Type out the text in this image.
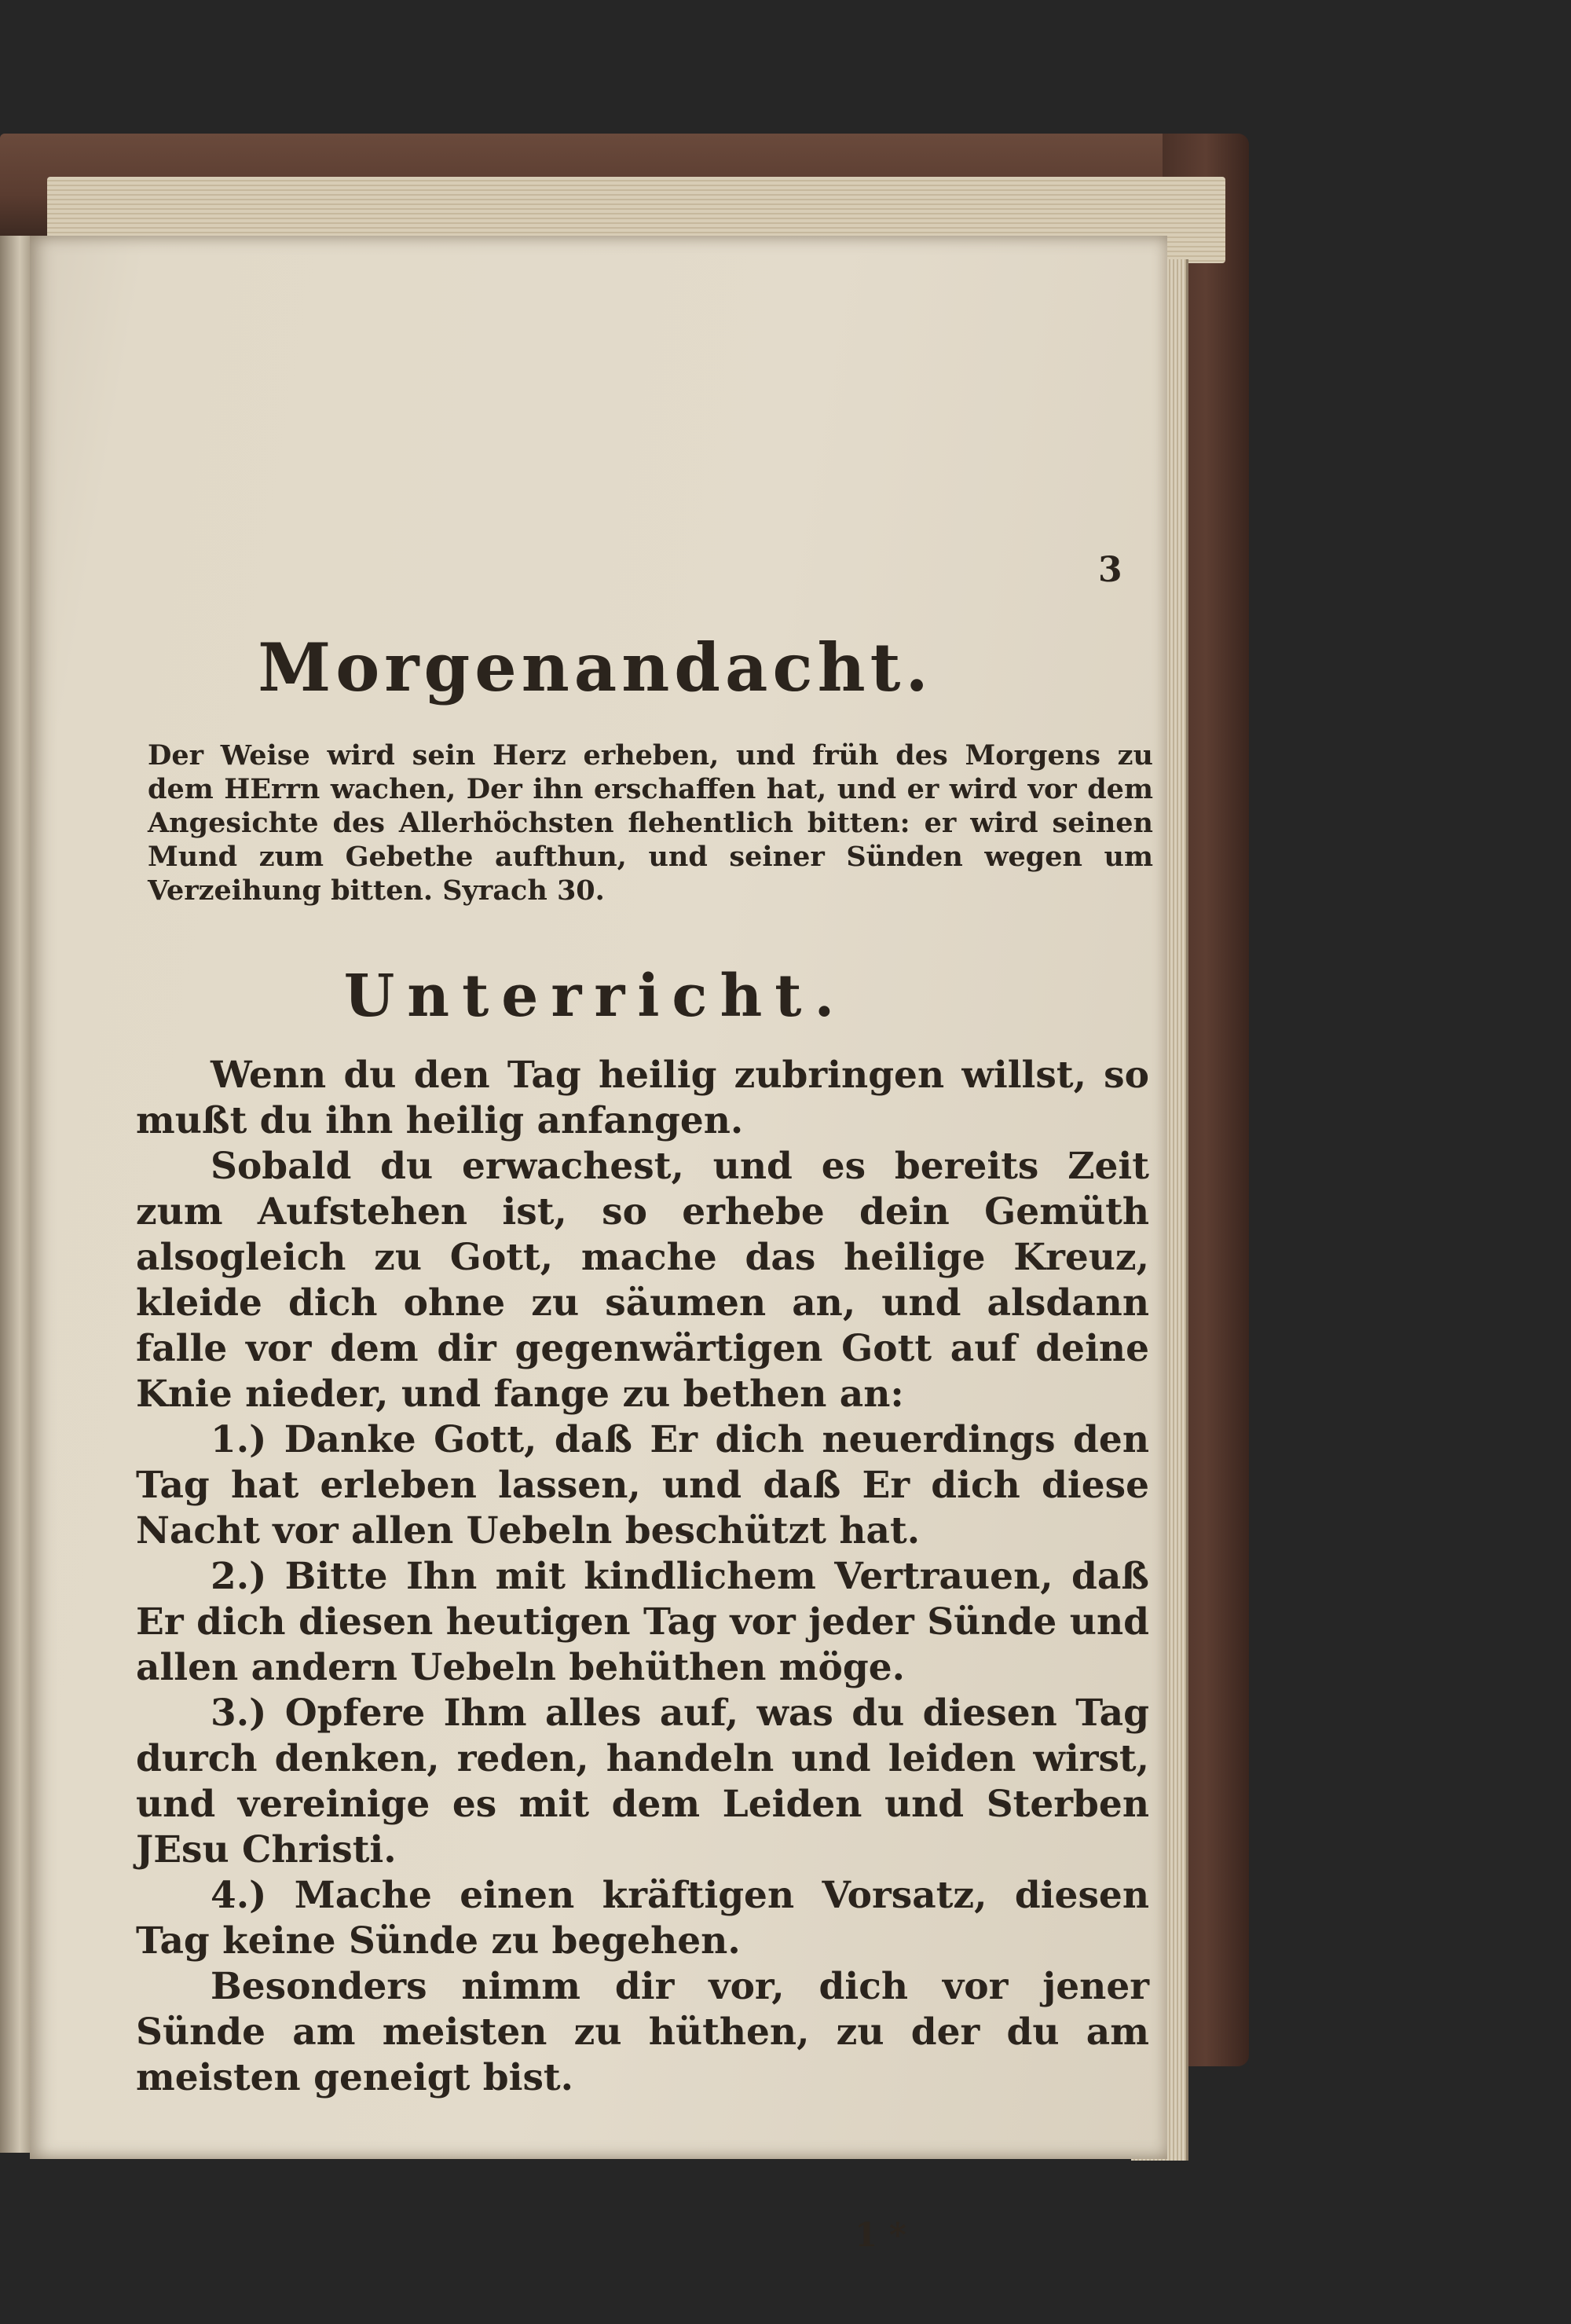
3
Morgenandacht.
Der Weise wird sein Herz erheben, und früh des Morgens zu dem HErrn wachen, Der ihn erschaffen hat, und er wird vor dem Angesichte des Allerhöchsten flehentlich bitten: er wird seinen Mund zum Gebethe aufthun, und seiner Sünden wegen um Verzeihung bitten. Syrach 30.
Unterricht.

Wenn du den Tag heilig zubringen willst, so mußt du ihn heilig anfangen.

Sobald du erwachest, und es bereits Zeit zum Aufstehen ist, so erhebe dein Gemüth alsogleich zu Gott, mache das heilige Kreuz, kleide dich ohne zu säumen an, und alsdann falle vor dem dir gegenwärtigen Gott auf deine Knie nieder, und fange zu bethen an:

1.) Danke Gott, daß Er dich neuerdings den Tag hat erleben lassen, und daß Er dich diese Nacht vor allen Uebeln beschützt hat.

2.) Bitte Ihn mit kindlichem Vertrauen, daß Er dich diesen heutigen Tag vor jeder Sünde und allen andern Uebeln behüthen möge.

3.) Opfere Ihm alles auf, was du diesen Tag durch denken, reden, handeln und leiden wirst, und vereinige es mit dem Leiden und Sterben JEsu Christi.

4.) Mache einen kräftigen Vorsatz, diesen Tag keine Sünde zu begehen.

Besonders nimm dir vor, dich vor jener Sünde am meisten zu hüthen, zu der du am meisten geneigt bist.

1 *
